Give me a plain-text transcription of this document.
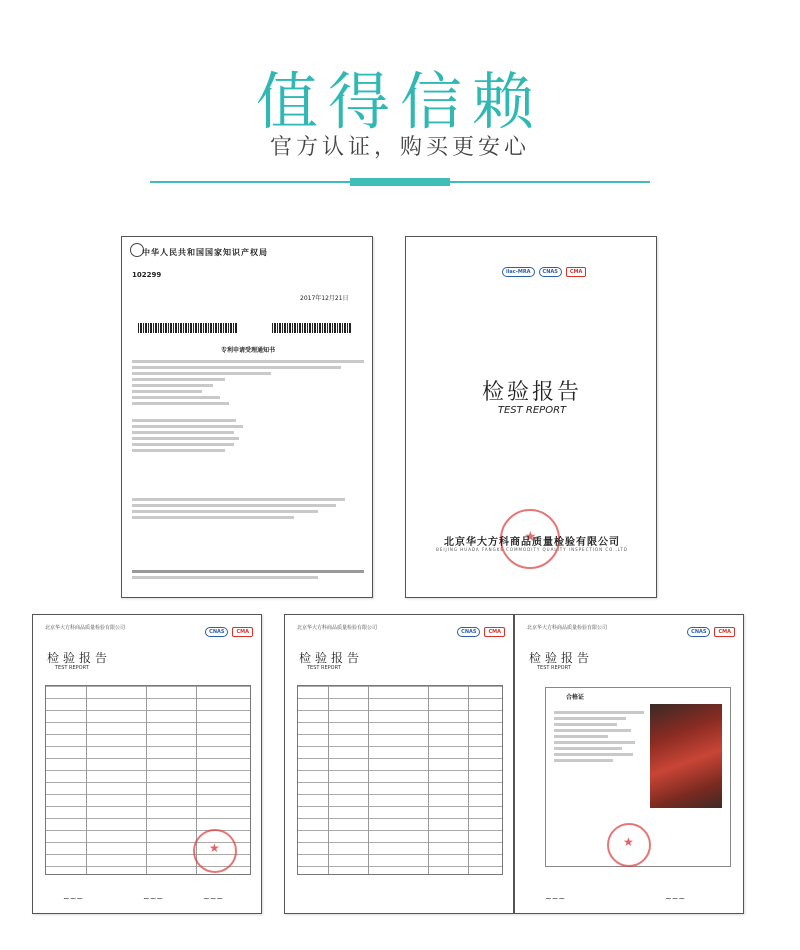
值得信赖
官方认证，购买更安心
中华人民共和国国家知识产权局
102299
2017年12月21日
专利申请受理通知书
ilac-MRA	CNAS	CMA
检验报告
TEST REPORT
★
北京华大方科商品质量检验有限公司
BEIJING HUADA FANGKE COMMODITY QUALITY INSPECTION CO.,LTD
北京华大方科商品质量检验有限公司
CNAS	CMA
检验报告
TEST REPORT
★
~~~	~~~	~~~
北京华大方科商品质量检验有限公司
CNAS	CMA
检验报告
TEST REPORT
北京华大方科商品质量检验有限公司
CNAS	CMA
检验报告
TEST REPORT
合格证
★
~~~	~~~
